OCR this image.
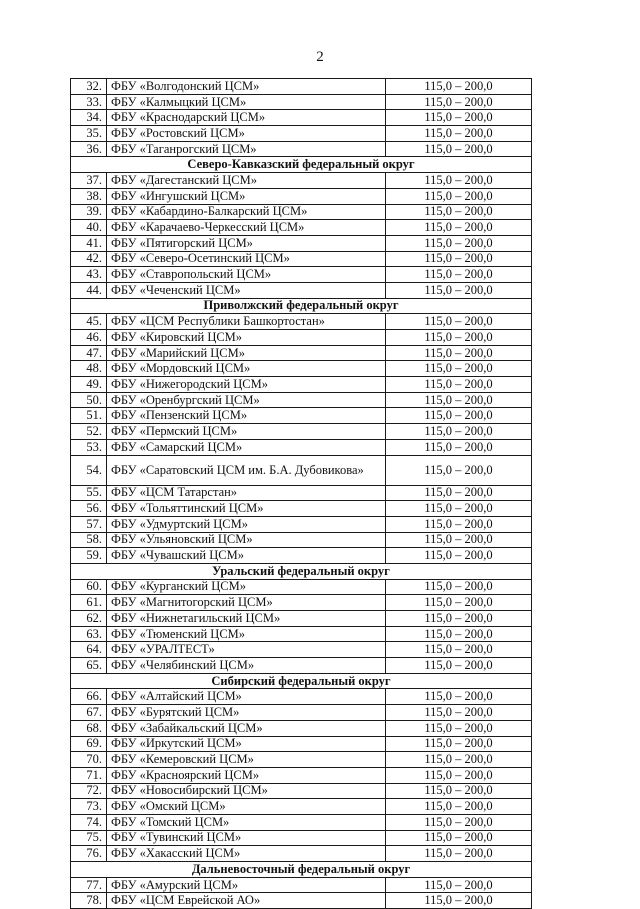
2
32.	ФБУ «Волгодонский ЦСМ»	115,0 – 200,0
33.	ФБУ «Калмыцкий ЦСМ»	115,0 – 200,0
34.	ФБУ «Краснодарский ЦСМ»	115,0 – 200,0
35.	ФБУ «Ростовский ЦСМ»	115,0 – 200,0
36.	ФБУ «Таганрогский ЦСМ»	115,0 – 200,0
Северо-Кавказский федеральный округ		
37.	ФБУ «Дагестанский ЦСМ»	115,0 – 200,0
38.	ФБУ «Ингушский ЦСМ»	115,0 – 200,0
39.	ФБУ «Кабардино-Балкарский ЦСМ»	115,0 – 200,0
40.	ФБУ «Карачаево-Черкесский ЦСМ»	115,0 – 200,0
41.	ФБУ «Пятигорский ЦСМ»	115,0 – 200,0
42.	ФБУ «Северо-Осетинский ЦСМ»	115,0 – 200,0
43.	ФБУ «Ставропольский ЦСМ»	115,0 – 200,0
44.	ФБУ «Чеченский ЦСМ»	115,0 – 200,0
Приволжский федеральный округ		
45.	ФБУ «ЦСМ Республики Башкортостан»	115,0 – 200,0
46.	ФБУ «Кировский ЦСМ»	115,0 – 200,0
47.	ФБУ «Марийский ЦСМ»	115,0 – 200,0
48.	ФБУ «Мордовский ЦСМ»	115,0 – 200,0
49.	ФБУ «Нижегородский ЦСМ»	115,0 – 200,0
50.	ФБУ «Оренбургский ЦСМ»	115,0 – 200,0
51.	ФБУ «Пензенский ЦСМ»	115,0 – 200,0
52.	ФБУ «Пермский ЦСМ»	115,0 – 200,0
53.	ФБУ «Самарский ЦСМ»	115,0 – 200,0
54.	ФБУ «Саратовский ЦСМ им. Б.А. Дубовикова»	115,0 – 200,0
55.	ФБУ «ЦСМ Татарстан»	115,0 – 200,0
56.	ФБУ «Тольяттинский ЦСМ»	115,0 – 200,0
57.	ФБУ «Удмуртский ЦСМ»	115,0 – 200,0
58.	ФБУ «Ульяновский ЦСМ»	115,0 – 200,0
59.	ФБУ «Чувашский ЦСМ»	115,0 – 200,0
Уральский федеральный округ		
60.	ФБУ «Курганский ЦСМ»	115,0 – 200,0
61.	ФБУ «Магнитогорский ЦСМ»	115,0 – 200,0
62.	ФБУ «Нижнетагильский ЦСМ»	115,0 – 200,0
63.	ФБУ «Тюменский ЦСМ»	115,0 – 200,0
64.	ФБУ «УРАЛТЕСТ»	115,0 – 200,0
65.	ФБУ «Челябинский ЦСМ»	115,0 – 200,0
Сибирский федеральный округ		
66.	ФБУ «Алтайский ЦСМ»	115,0 – 200,0
67.	ФБУ «Бурятский ЦСМ»	115,0 – 200,0
68.	ФБУ «Забайкальский ЦСМ»	115,0 – 200,0
69.	ФБУ «Иркутский ЦСМ»	115,0 – 200,0
70.	ФБУ «Кемеровский ЦСМ»	115,0 – 200,0
71.	ФБУ «Красноярский ЦСМ»	115,0 – 200,0
72.	ФБУ «Новосибирский ЦСМ»	115,0 – 200,0
73.	ФБУ «Омский ЦСМ»	115,0 – 200,0
74.	ФБУ «Томский ЦСМ»	115,0 – 200,0
75.	ФБУ «Тувинский ЦСМ»	115,0 – 200,0
76.	ФБУ «Хакасский ЦСМ»	115,0 – 200,0
Дальневосточный федеральный округ		
77.	ФБУ «Амурский ЦСМ»	115,0 – 200,0
78.	ФБУ «ЦСМ Еврейской АО»	115,0 – 200,0
